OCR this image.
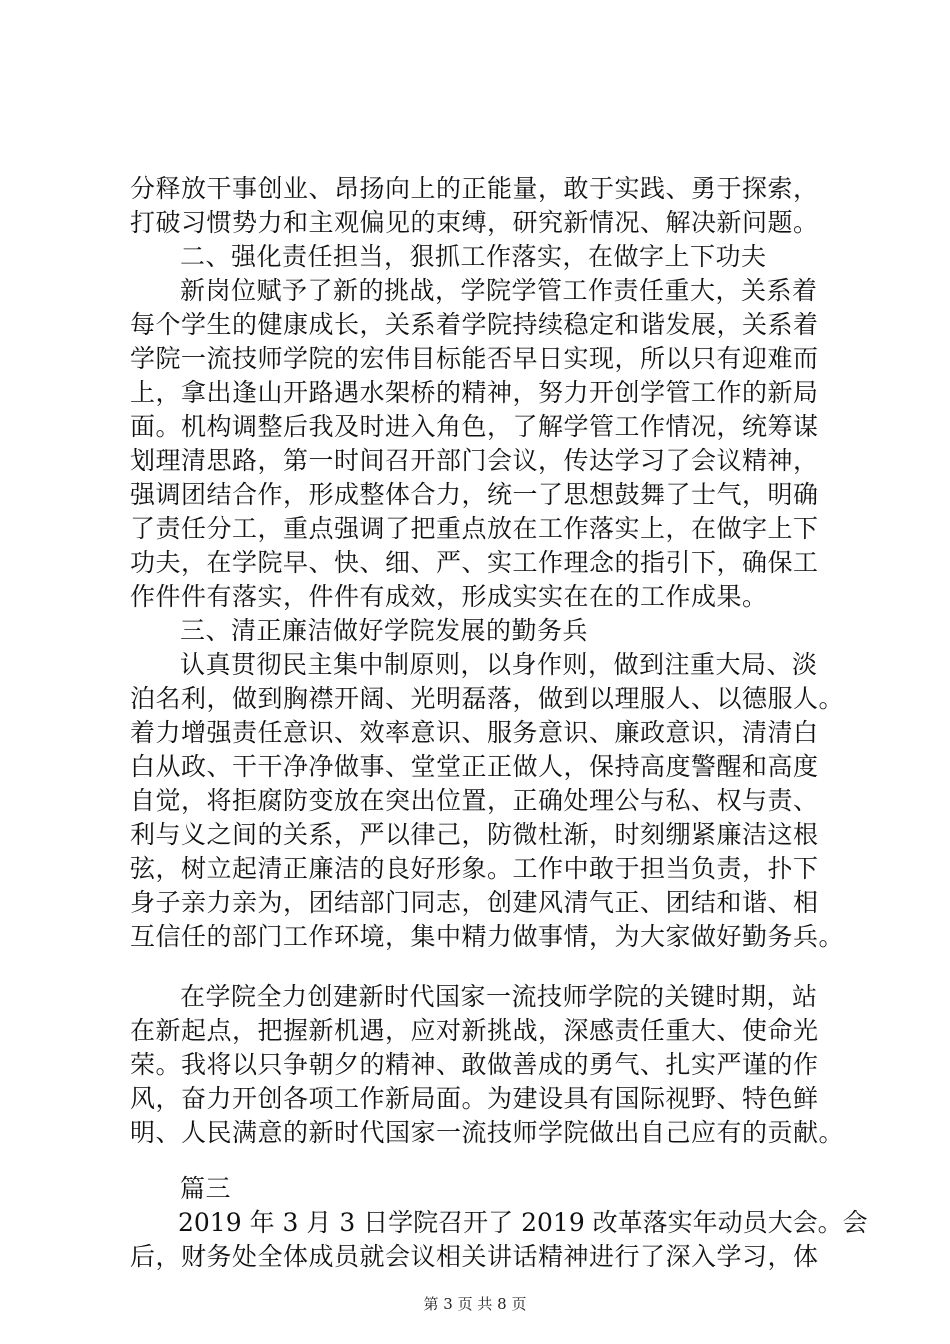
分释放干事创业、昂扬向上的正能量，敢于实践、勇于探索，
打破习惯势力和主观偏见的束缚，研究新情况、解决新问题。
二、强化责任担当，狠抓工作落实，在做字上下功夫
新岗位赋予了新的挑战，学院学管工作责任重大，关系着
每个学生的健康成长，关系着学院持续稳定和谐发展，关系着
学院一流技师学院的宏伟目标能否早日实现，所以只有迎难而
上，拿出逢山开路遇水架桥的精神，努力开创学管工作的新局
面。机构调整后我及时进入角色，了解学管工作情况，统筹谋
划理清思路，第一时间召开部门会议，传达学习了会议精神，
强调团结合作，形成整体合力，统一了思想鼓舞了士气，明确
了责任分工，重点强调了把重点放在工作落实上，在做字上下
功夫，在学院早、快、细、严、实工作理念的指引下，确保工
作件件有落实，件件有成效，形成实实在在的工作成果。
三、清正廉洁做好学院发展的勤务兵
认真贯彻民主集中制原则，以身作则，做到注重大局、淡
泊名利，做到胸襟开阔、光明磊落，做到以理服人、以德服人。
着力增强责任意识、效率意识、服务意识、廉政意识，清清白
白从政、干干净净做事、堂堂正正做人，保持高度警醒和高度
自觉，将拒腐防变放在突出位置，正确处理公与私、权与责、
利与义之间的关系，严以律己，防微杜渐，时刻绷紧廉洁这根
弦，树立起清正廉洁的良好形象。工作中敢于担当负责，扑下
身子亲力亲为，团结部门同志，创建风清气正、团结和谐、相
互信任的部门工作环境，集中精力做事情，为大家做好勤务兵。
在学院全力创建新时代国家一流技师学院的关键时期，站
在新起点，把握新机遇，应对新挑战，深感责任重大、使命光
荣。我将以只争朝夕的精神、敢做善成的勇气、扎实严谨的作
风，奋力开创各项工作新局面。为建设具有国际视野、特色鲜
明、人民满意的新时代国家一流技师学院做出自己应有的贡献。
篇三
2019 年 3 月 3 日学院召开了 2019 改革落实年动员大会。会
后，财务处全体成员就会议相关讲话精神进行了深入学习，体
第 3 页 共 8 页
